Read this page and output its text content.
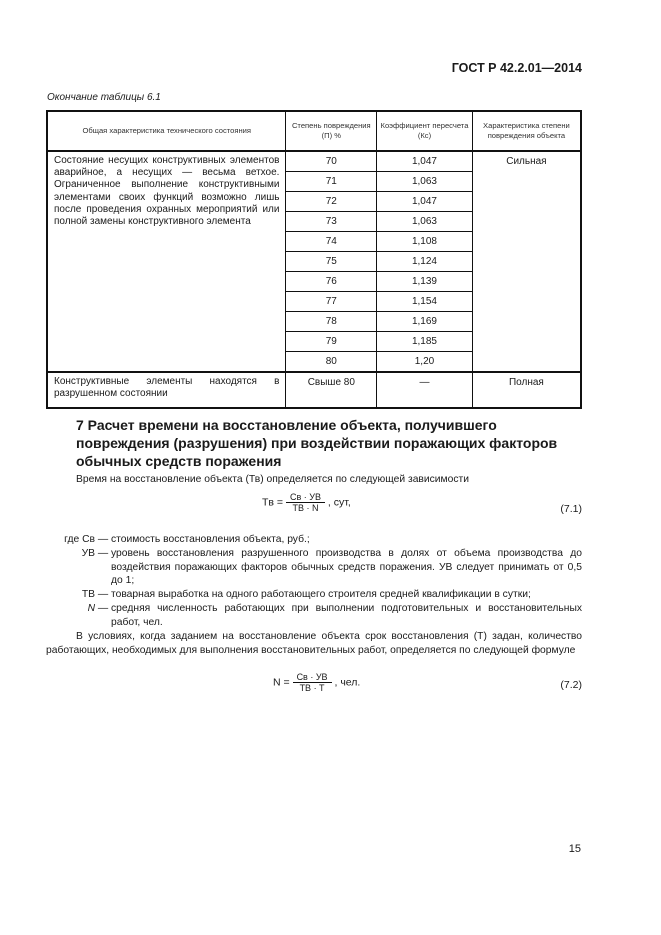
ГОСТ Р 42.2.01—2014
Окончание таблицы 6.1
Общая характеристика технического состояния	Степень повреждения (П) %	Коэффициент пересчета (Кс)	Характеристика степени повреждения объекта
Состояние несущих конструктивных элементов аварийное, а несущих — весьма ветхое. Ограниченное выполнение конструктивными элементами своих функций возможно лишь после проведения охранных мероприятий или полной замены конструктивного элемента	70	1,047	Сильная
	71	1,063	
	72	1,047	
	73	1,063	
	74	1,108	
	75	1,124	
	76	1,139	
	77	1,154	
	78	1,169	
	79	1,185	
	80	1,20	
Конструктивные элементы находятся в разрушенном состоянии	Свыше 80	—	Полная
7 Расчет времени на восстановление объекта, получившего повреждения (разрушения) при воздействии поражающих факторов обычных средств поражения
Время на восстановление объекта (Тв) определяется по следующей зависимости
Tв = $\frac{Cв \cdot УВ}{ТВ \cdot N}$ , сут,
(7.1)
где Cв — стоимость восстановления объекта, руб.;
УВ — уровень восстановления разрушенного производства в долях от объема производства до воздействия поражающих факторов обычных средств поражения. УВ следует принимать от 0,5 до 1;
ТВ — товарная выработка на одного работающего строителя средней квалификации в сутки;
N — средняя численность работающих при выполнении подготовительных и восстановительных работ, чел.
В условиях, когда заданием на восстановление объекта срок восстановления (T) задан, количество работающих, необходимых для выполнения восстановительных работ, определяется по следующей формуле
$N = \frac{Cв \cdot УВ}{ТВ \cdot T}$ , чел.	(7.2)
15
